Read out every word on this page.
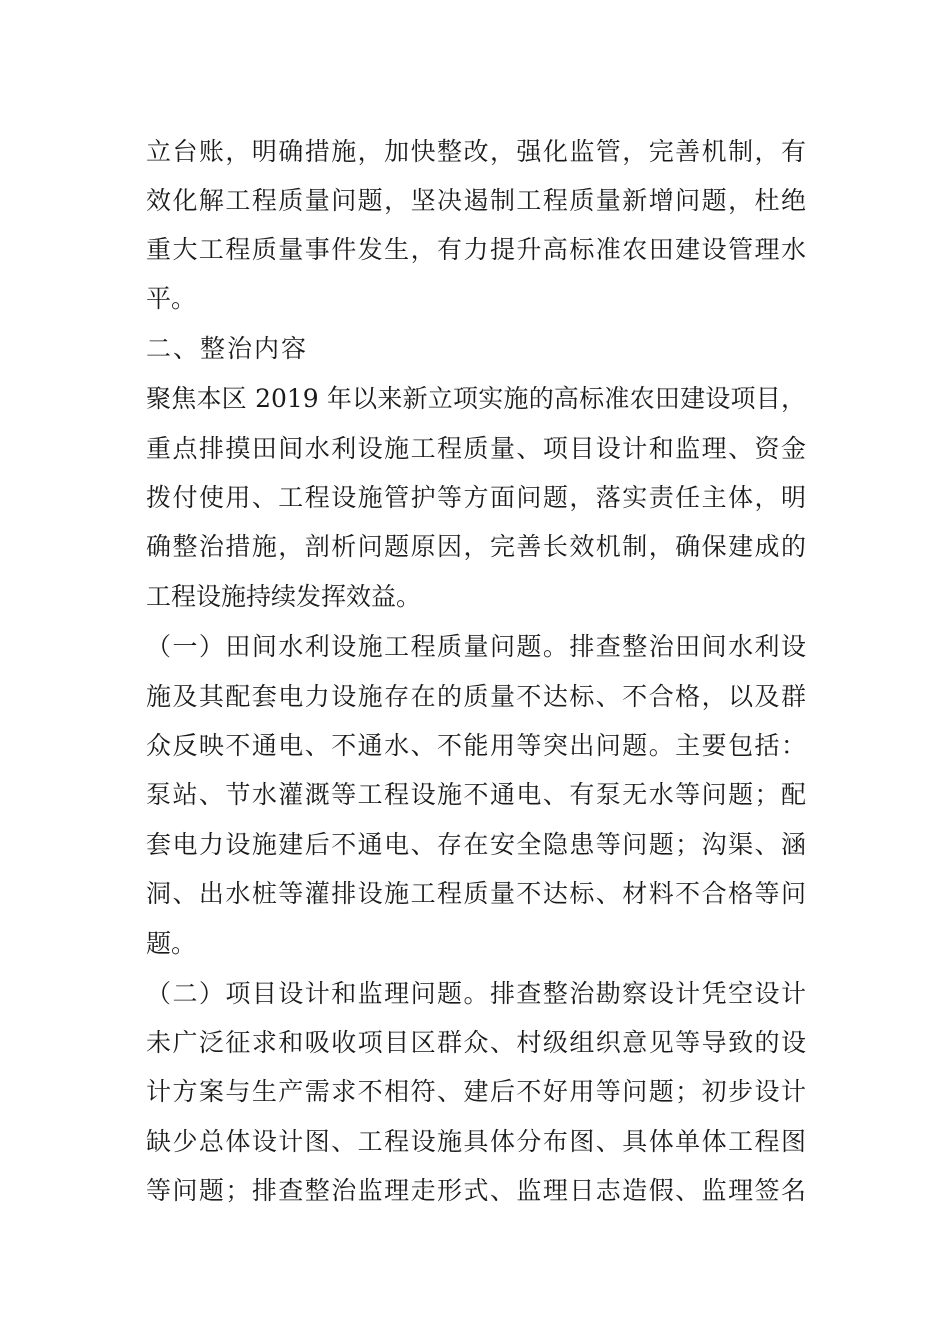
立台账，明确措施，加快整改，强化监管，完善机制，有
效化解工程质量问题，坚决遏制工程质量新增问题，杜绝
重大工程质量事件发生，有力提升高标准农田建设管理水
平。
二、整治内容
聚焦本区 2019 年以来新立项实施的高标准农田建设项目，
重点排摸田间水利设施工程质量、项目设计和监理、资金
拨付使用、工程设施管护等方面问题，落实责任主体，明
确整治措施，剖析问题原因，完善长效机制，确保建成的
工程设施持续发挥效益。
（一）田间水利设施工程质量问题。排查整治田间水利设
施及其配套电力设施存在的质量不达标、不合格，以及群
众反映不通电、不通水、不能用等突出问题。主要包括：
泵站、节水灌溉等工程设施不通电、有泵无水等问题；配
套电力设施建后不通电、存在安全隐患等问题；沟渠、涵
洞、出水桩等灌排设施工程质量不达标、材料不合格等问
题。
（二）项目设计和监理问题。排查整治勘察设计凭空设计
未广泛征求和吸收项目区群众、村级组织意见等导致的设
计方案与生产需求不相符、建后不好用等问题；初步设计
缺少总体设计图、工程设施具体分布图、具体单体工程图
等问题；排查整治监理走形式、监理日志造假、监理签名
